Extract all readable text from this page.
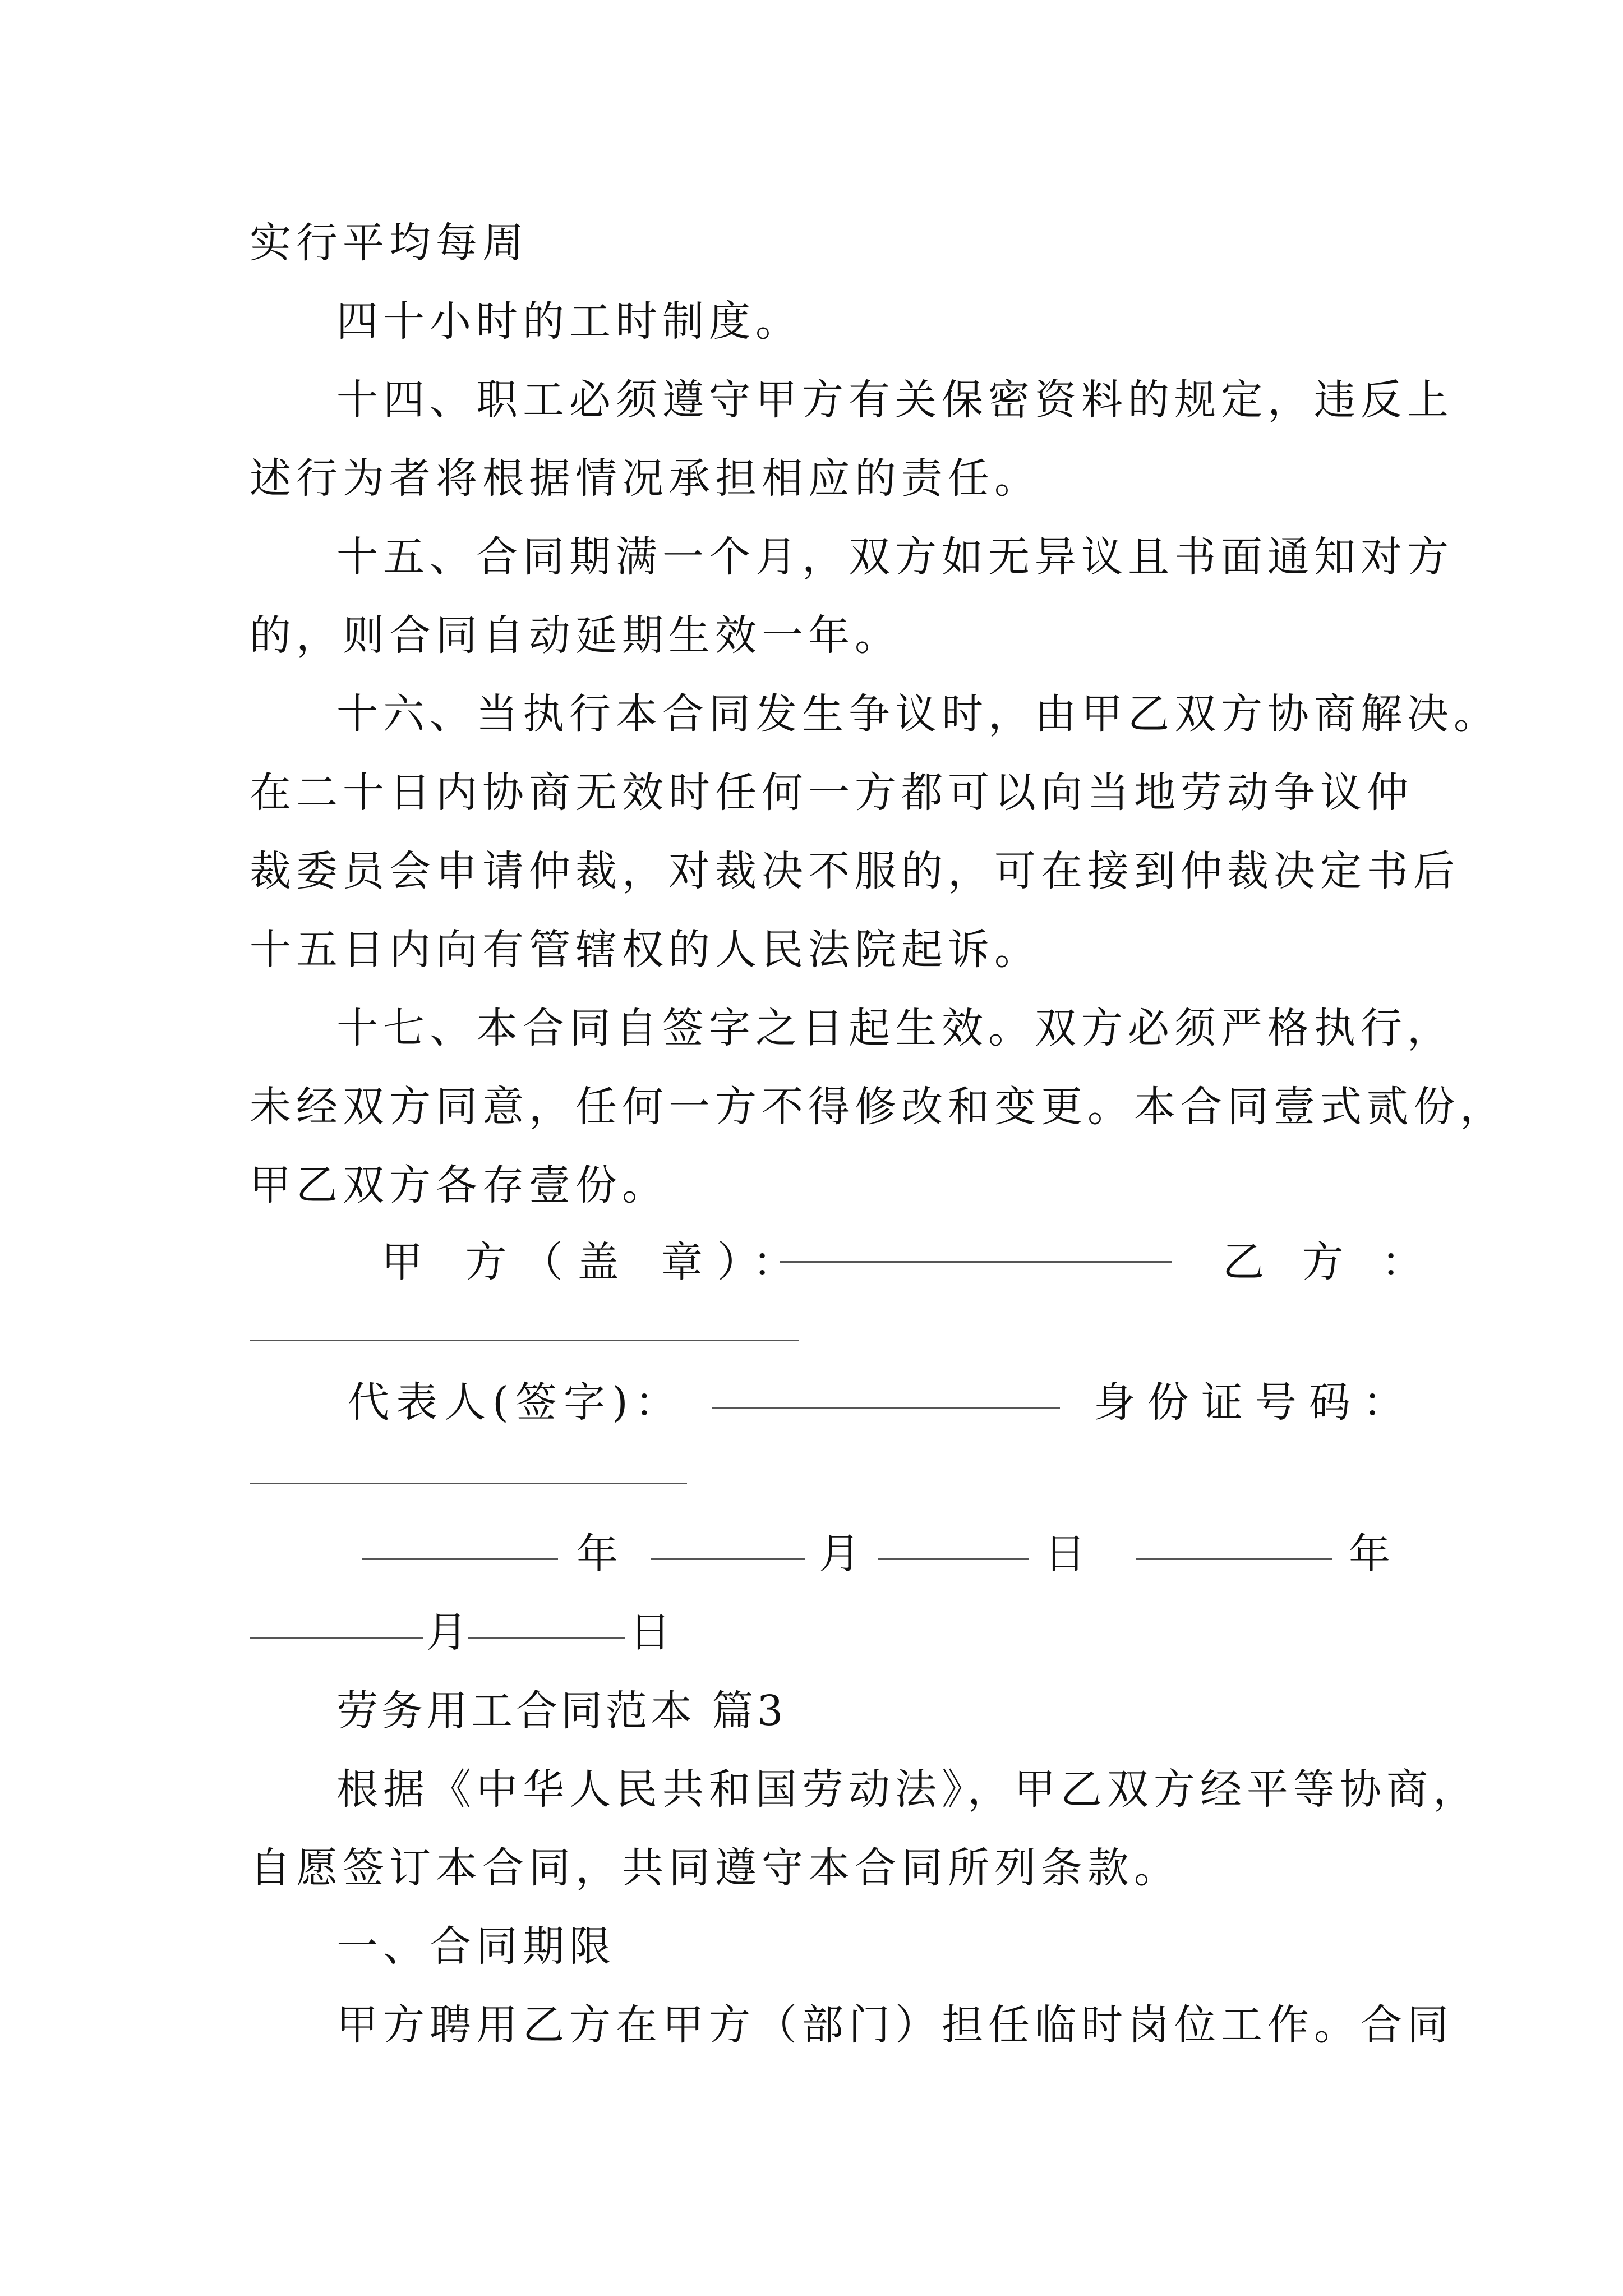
实行平均每周
四十小时的工时制度。
十四、职工必须遵守甲方有关保密资料的规定，违反上
述行为者将根据情况承担相应的责任。
十五、合同期满一个月，双方如无异议且书面通知对方
的，则合同自动延期生效一年。
十六、当执行本合同发生争议时，由甲乙双方协商解决。
在二十日内协商无效时任何一方都可以向当地劳动争议仲
裁委员会申请仲裁，对裁决不服的，可在接到仲裁决定书后
十五日内向有管辖权的人民法院起诉。
十七、本合同自签字之日起生效。双方必须严格执行，
未经双方同意，任何一方不得修改和变更。本合同壹式贰份，
甲乙双方各存壹份。
甲 方（盖 章）：	乙 方 ：
代表人(签字)：	身份证号码：
年	月	日	年
月	日
劳务用工合同范本 篇3
根据《中华人民共和国劳动法》，甲乙双方经平等协商，
自愿签订本合同，共同遵守本合同所列条款。
一、合同期限
甲方聘用乙方在甲方（部门）担任临时岗位工作。合同
